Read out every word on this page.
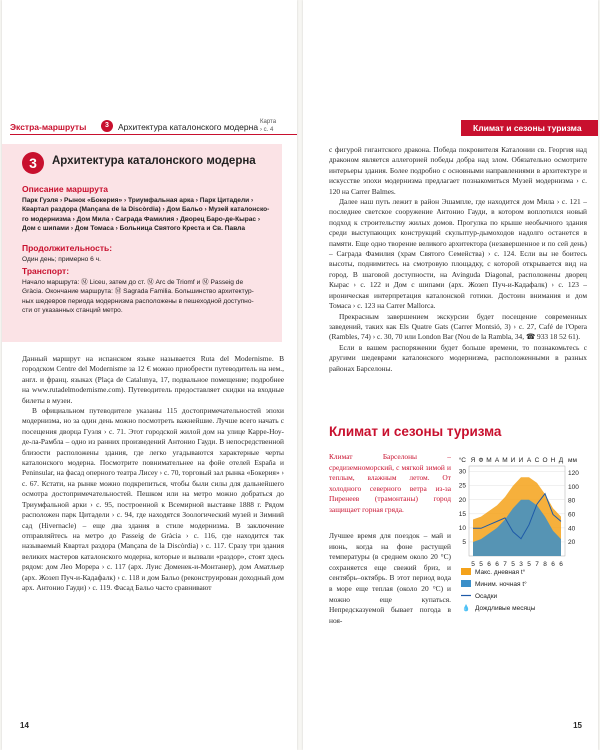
Экстра-маршруты	3	Архитектура каталонского модерна Карта
› с. 4
3	Архитектура каталонского модерна
Описание маршрута
Парк Гуэля › Рынок «Бокерия» › Триумфальная арка › Парк Цитадели ›
Квартал раздора (Mançana de la Discòrdia) › Дом Бальо › Музей каталонско-
го модернизма › Дом Мила › Саграда Фамилия › Дворец Баро-де-Кырас ›
Дом с шипами › Дом Томаса › Больница Святого Креста и Св. Павла
Продолжительность:
Один день; примерно 6 ч.
Транспорт:
Начало маршрута: Ⓜ Liceu, затем до ст. Ⓜ Arc de Triomf и Ⓜ Passeig de
Gràcia. Окончание маршрута: Ⓜ Sagrada Familia. Большинство архитектур-
ных шедевров периода модернизма расположены в пешеходной доступно-
сти от указанных станций метро.

Данный маршрут на испанском языке называется Ruta del Modernisme. В городском Centre del Modernisme за 12 € можно приобрести путеводитель на нем., англ. и франц. языках (Plaça de Catalunya, 17, подвальное помещение; подробнее на www.rutadelmodernisme.com). Путеводитель предоставляет скидки на входные билеты в музеи.

В официальном путеводителе указаны 115 достопримечательностей эпохи модернизма, но за один день можно посмотреть важнейшие. Лучше всего начать с посещения дворца Гуэля › с. 71. Этот городской жилой дом на улице Карре-Ноу-де-ла-Рамбла – одно из ранних произведений Антонио Гауди. В непосредственной близости расположены здания, где легко угадываются характерные черты каталонского модерна. Посмотрите повнимательнее на фойе отелей España и Peninsular, на фасад оперного театра Лисеу › с. 70, торговый зал рынка «Бокерия» › с. 67. Кстати, на рынке можно подкрепиться, чтобы были силы для дальнейшего осмотра достопримечательностей. Пешком или на метро можно добраться до Триумфальной арки › с. 95, построенной к Всемирной выставке 1888 г. Рядом расположен парк Цитадели › с. 94, где находятся Зоологический музей и Зимний сад (Hivernacle) – еще два здания в стиле модернизма. В заключение отправляйтесь на метро до Passeig de Gràcia › с. 116, где находится так называемый Квартал раздора (Mançana de la Discòrdia) › с. 117. Сразу три здания великих мастеров каталонского модерна, которые и вызвали «раздор», стоят здесь рядом: дом Лео Морера › с. 117 (арх. Луис Доменек-и-Монтанер), дом Аматльер (арх. Жозеп Пуч-и-Кадафалк) › с. 118 и дом Бальо (реконструирован доходный дом арх. Антонио Гауди) › с. 119. Фасад Бальо часто сравнивают

14
Климат и сезоны туризма

с фигурой гигантского дракона. Победа покровителя Каталонии св. Георгия над драконом является аллегорией победы добра над злом. Обязательно осмотрите интерьеры здания. Более подробно с основными направлениями в архитектуре и искусстве эпохи модернизма предлагает познакомиться Музей модернизма › с. 120 на Carrer Balmes.

Далее наш путь лежит в район Эшампле, где находится дом Мила › с. 121 – последнее светское сооружение Антонио Гауди, в котором воплотился новый подход к строительству жилых домов. Прогулка по крыше необычного здания среди выступающих конструкций скульптур-дымоходов надолго останется в памяти. Еще одно творение великого архитектора (незавершенное и по сей день) – Саграда Фамилия (храм Святого Семейства) › с. 124. Если вы не боитесь высоты, поднимитесь на смотровую площадку, с которой открывается вид на город. В шаговой доступности, на Avinguda Diagonal, расположены дворец Кырас › с. 122 и Дом с шипами (арх. Жозеп Пуч-и-Кадафалк) › с. 123 – ироническая интерпретация каталонской готики. Достоин внимания и дом Томаса › с. 123 на Carrer Mallorca.

Прекрасным завершением экскурсии будет посещение современных заведений, таких как Els Quatre Gats (Carrer Montsió, 3) › с. 27, Café de l'Opera (Rambles, 74) › с. 30, 70 или London Bar (Nou de la Rambla, 34, ☎ 933 18 52 61).

Если в вашем распоряжении будет больше времени, то познакомьтесь с другими шедеврами каталонского модернизма, расположенными в разных районах Барселоны.

Климат и сезоны туризма
Климат Барселоны – средиземноморский, с мягкой зимой и теплым, влажным летом. От холодного северного ветра из-за Пиренеев (трамонтаны) город защищает горная гряда.
Лучшее время для поездок – май и июнь, когда на фоне растущей температуры (в среднем около 20 °C) сохраняется еще свежий бриз, и сентябрь–октябрь. В этот период вода в море еще теплая (около 20 °C) и можно еще купаться. Непредсказуемой бывает погода в ноя-
5
10
15
20
25
30
20
40
60
80
100
120
°C	мм
Я Ф М А М И И А С О Н Д
5 5 6 6 7 5 3 5 7 8 6 6
Макс. дневная t°
Миним. ночная t°
Осадки
💧 Дождливые месяцы
15
